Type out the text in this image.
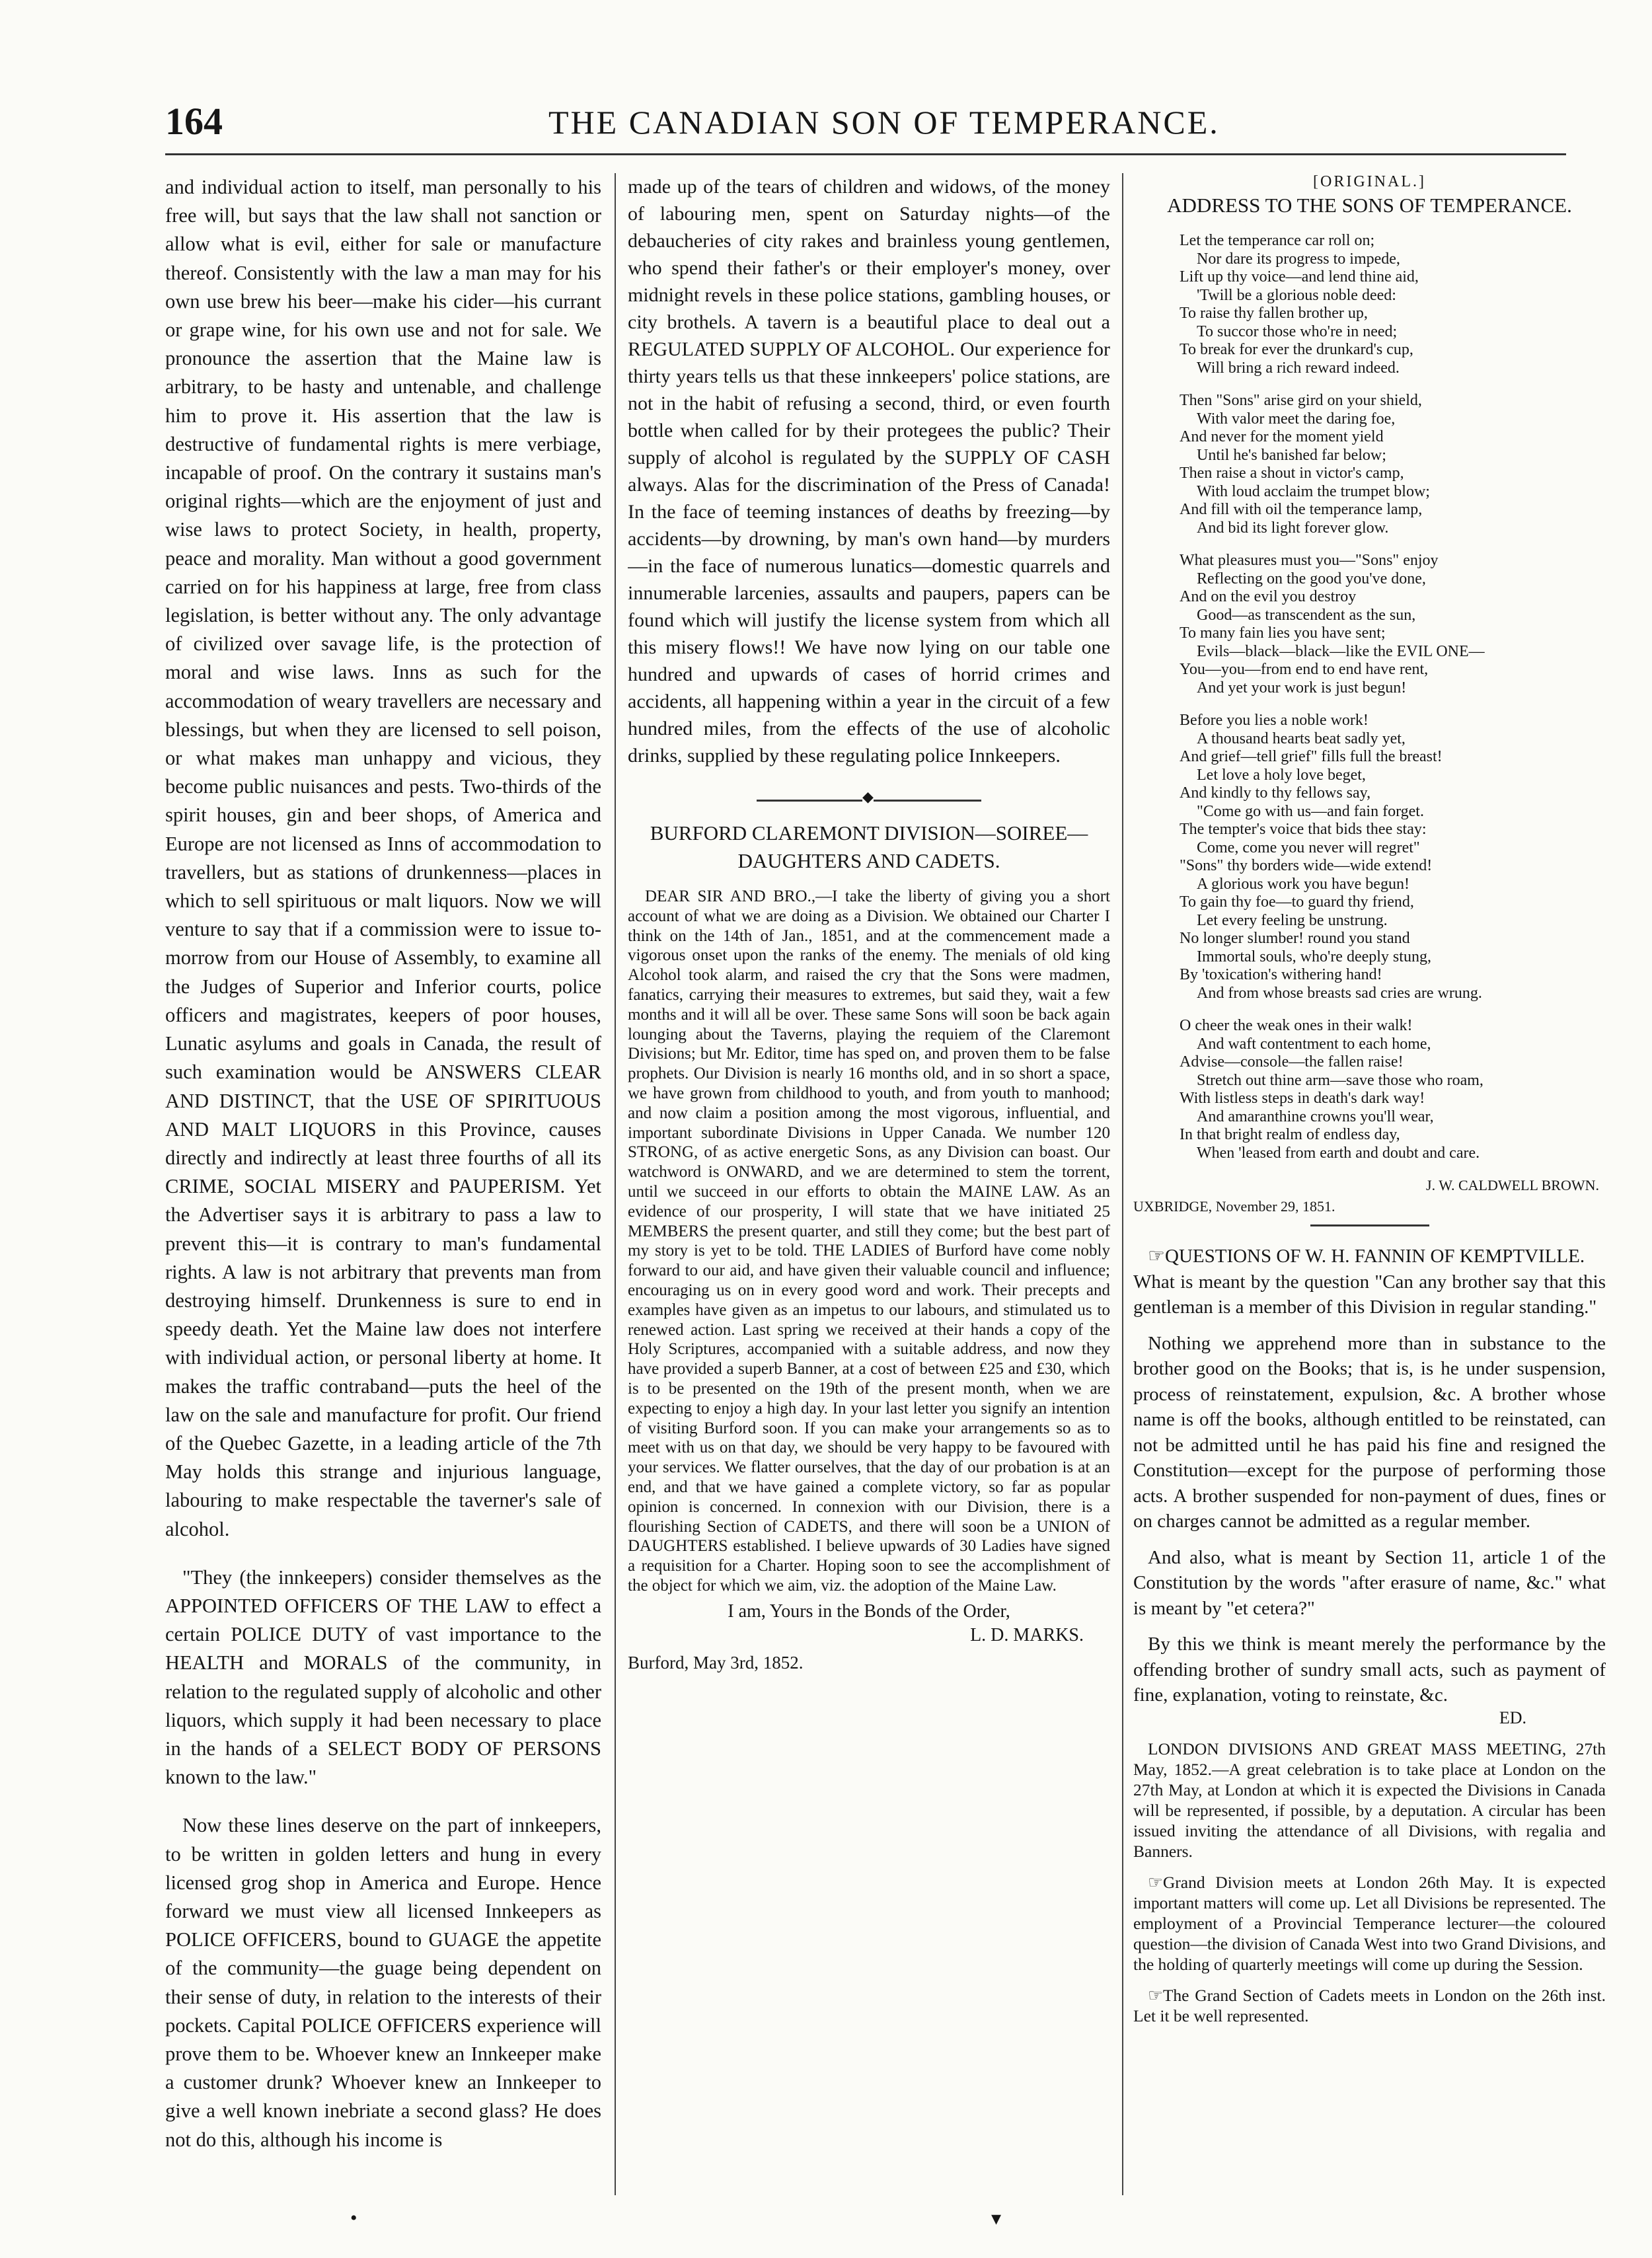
164	THE CANADIAN SON OF TEMPERANCE.

and individual action to itself, man personally to his free will, but says that the law shall not sanction or allow what is evil, either for sale or manufacture thereof. Consistently with the law a man may for his own use brew his beer—make his cider—his currant or grape wine, for his own use and not for sale. We pronounce the assertion that the Maine law is arbitrary, to be hasty and untenable, and challenge him to prove it. His assertion that the law is destructive of fundamental rights is mere verbiage, incapable of proof. On the contrary it sustains man's original rights—which are the enjoyment of just and wise laws to protect Society, in health, property, peace and morality. Man without a good government carried on for his happiness at large, free from class legislation, is better without any. The only advantage of civilized over savage life, is the protection of moral and wise laws. Inns as such for the accommodation of weary travellers are necessary and blessings, but when they are licensed to sell poison, or what makes man unhappy and vicious, they become public nuisances and pests. Two-thirds of the spirit houses, gin and beer shops, of America and Europe are not licensed as Inns of accommodation to travellers, but as stations of drunkenness—places in which to sell spirituous or malt liquors. Now we will venture to say that if a commission were to issue to-morrow from our House of Assembly, to examine all the Judges of Superior and Inferior courts, police officers and magistrates, keepers of poor houses, Lunatic asylums and goals in Canada, the result of such examination would be ANSWERS CLEAR AND DISTINCT, that the USE OF SPIRITUOUS AND MALT LIQUORS in this Province, causes directly and indirectly at least three fourths of all its CRIME, SOCIAL MISERY and PAUPERISM. Yet the Advertiser says it is arbitrary to pass a law to prevent this—it is contrary to man's fundamental rights. A law is not arbitrary that prevents man from destroying himself. Drunkenness is sure to end in speedy death. Yet the Maine law does not interfere with individual action, or personal liberty at home. It makes the traffic contraband—puts the heel of the law on the sale and manufacture for profit. Our friend of the Quebec Gazette, in a leading article of the 7th May holds this strange and injurious language, labouring to make respectable the taverner's sale of alcohol.

"They (the innkeepers) consider themselves as the APPOINTED OFFICERS OF THE LAW to effect a certain POLICE DUTY of vast importance to the HEALTH and MORALS of the community, in relation to the regulated supply of alcoholic and other liquors, which supply it had been necessary to place in the hands of a SELECT BODY OF PERSONS known to the law."

Now these lines deserve on the part of innkeepers, to be written in golden letters and hung in every licensed grog shop in America and Europe. Hence forward we must view all licensed Innkeepers as POLICE OFFICERS, bound to GUAGE the appetite of the community—the guage being dependent on their sense of duty, in relation to the interests of their pockets. Capital POLICE OFFICERS experience will prove them to be. Whoever knew an Innkeeper make a customer drunk? Whoever knew an Innkeeper to give a well known inebriate a second glass? He does not do this, although his income is

made up of the tears of children and widows, of the money of labouring men, spent on Saturday nights—of the debaucheries of city rakes and brainless young gentlemen, who spend their father's or their employer's money, over midnight revels in these police stations, gambling houses, or city brothels. A tavern is a beautiful place to deal out a REGULATED SUPPLY OF ALCOHOL. Our experience for thirty years tells us that these innkeepers' police stations, are not in the habit of refusing a second, third, or even fourth bottle when called for by their protegees the public? Their supply of alcohol is regulated by the SUPPLY OF CASH always. Alas for the discrimination of the Press of Canada! In the face of teeming instances of deaths by freezing—by accidents—by drowning, by man's own hand—by murders—in the face of numerous lunatics—domestic quarrels and innumerable larcenies, assaults and paupers, papers can be found which will justify the license system from which all this misery flows!! We have now lying on our table one hundred and upwards of cases of horrid crimes and accidents, all happening within a year in the circuit of a few hundred miles, from the effects of the use of alcoholic drinks, supplied by these regulating police Innkeepers.

◆
BURFORD CLAREMONT DIVISION—SOIREE—DAUGHTERS AND CADETS.

DEAR SIR AND BRO.,—I take the liberty of giving you a short account of what we are doing as a Division. We obtained our Charter I think on the 14th of Jan., 1851, and at the commencement made a vigorous onset upon the ranks of the enemy. The menials of old king Alcohol took alarm, and raised the cry that the Sons were madmen, fanatics, carrying their measures to extremes, but said they, wait a few months and it will all be over. These same Sons will soon be back again lounging about the Taverns, playing the requiem of the Claremont Divisions; but Mr. Editor, time has sped on, and proven them to be false prophets. Our Division is nearly 16 months old, and in so short a space, we have grown from childhood to youth, and from youth to manhood; and now claim a position among the most vigorous, influential, and important subordinate Divisions in Upper Canada. We number 120 STRONG, of as active energetic Sons, as any Division can boast. Our watchword is ONWARD, and we are determined to stem the torrent, until we succeed in our efforts to obtain the MAINE LAW. As an evidence of our prosperity, I will state that we have initiated 25 MEMBERS the present quarter, and still they come; but the best part of my story is yet to be told. THE LADIES of Burford have come nobly forward to our aid, and have given their valuable council and influence; encouraging us on in every good word and work. Their precepts and examples have given as an impetus to our labours, and stimulated us to renewed action. Last spring we received at their hands a copy of the Holy Scriptures, accompanied with a suitable address, and now they have provided a superb Banner, at a cost of between £25 and £30, which is to be presented on the 19th of the present month, when we are expecting to enjoy a high day. In your last letter you signify an intention of visiting Burford soon. If you can make your arrangements so as to meet with us on that day, we should be very happy to be favoured with your services. We flatter ourselves, that the day of our probation is at an end, and that we have gained a complete victory, so far as popular opinion is concerned. In connexion with our Division, there is a flourishing Section of CADETS, and there will soon be a UNION of DAUGHTERS established. I believe upwards of 30 Ladies have signed a requisition for a Charter. Hoping soon to see the accomplishment of the object for which we aim, viz. the adoption of the Maine Law.

I am, Yours in the Bonds of the Order,
L. D. MARKS.
Burford, May 3rd, 1852.
[ORIGINAL.]
ADDRESS TO THE SONS OF TEMPERANCE.
Let the temperance car roll on;
Nor dare its progress to impede,
Lift up thy voice—and lend thine aid,
'Twill be a glorious noble deed:
To raise thy fallen brother up,
To succor those who're in need;
To break for ever the drunkard's cup,
Will bring a rich reward indeed.
Then "Sons" arise gird on your shield,
With valor meet the daring foe,
And never for the moment yield
Until he's banished far below;
Then raise a shout in victor's camp,
With loud acclaim the trumpet blow;
And fill with oil the temperance lamp,
And bid its light forever glow.
What pleasures must you—"Sons" enjoy
Reflecting on the good you've done,
And on the evil you destroy
Good—as transcendent as the sun,
To many fain lies you have sent;
Evils—black—black—like the EVIL ONE—
You—you—from end to end have rent,
And yet your work is just begun!
Before you lies a noble work!
A thousand hearts beat sadly yet,
And grief—tell grief" fills full the breast!
Let love a holy love beget,
And kindly to thy fellows say,
"Come go with us—and fain forget.
The tempter's voice that bids thee stay:
Come, come you never will regret"
"Sons" thy borders wide—wide extend!
A glorious work you have begun!
To gain thy foe—to guard thy friend,
Let every feeling be unstrung.
No longer slumber! round you stand
Immortal souls, who're deeply stung,
By 'toxication's withering hand!
And from whose breasts sad cries are wrung.
O cheer the weak ones in their walk!
And waft contentment to each home,
Advise—console—the fallen raise!
Stretch out thine arm—save those who roam,
With listless steps in death's dark way!
And amaranthine crowns you'll wear,
In that bright realm of endless day,
When 'leased from earth and doubt and care.
J. W. CALDWELL BROWN.
UXBRIDGE, November 29, 1851.

☞QUESTIONS OF W. H. FANNIN OF KEMPTVILLE.

What is meant by the question "Can any brother say that this gentleman is a member of this Division in regular standing."

Nothing we apprehend more than in substance to the brother good on the Books; that is, is he under suspension, process of reinstatement, expulsion, &c. A brother whose name is off the books, although entitled to be reinstated, can not be admitted until he has paid his fine and resigned the Constitution—except for the purpose of performing those acts. A brother suspended for non-payment of dues, fines or on charges cannot be admitted as a regular member.

And also, what is meant by Section 11, article 1 of the Constitution by the words "after erasure of name, &c." what is meant by "et cetera?"

By this we think is meant merely the performance by the offending brother of sundry small acts, such as payment of fine, explanation, voting to reinstate, &c.

ED.

LONDON DIVISIONS AND GREAT MASS MEETING, 27th May, 1852.—A great celebration is to take place at London on the 27th May, at London at which it is expected the Divisions in Canada will be represented, if possible, by a deputation. A circular has been issued inviting the attendance of all Divisions, with regalia and Banners.

☞Grand Division meets at London 26th May. It is expected important matters will come up. Let all Divisions be represented. The employment of a Provincial Temperance lecturer—the coloured question—the division of Canada West into two Grand Divisions, and the holding of quarterly meetings will come up during the Session.

☞The Grand Section of Cadets meets in London on the 26th inst. Let it be well represented.

•	▾
